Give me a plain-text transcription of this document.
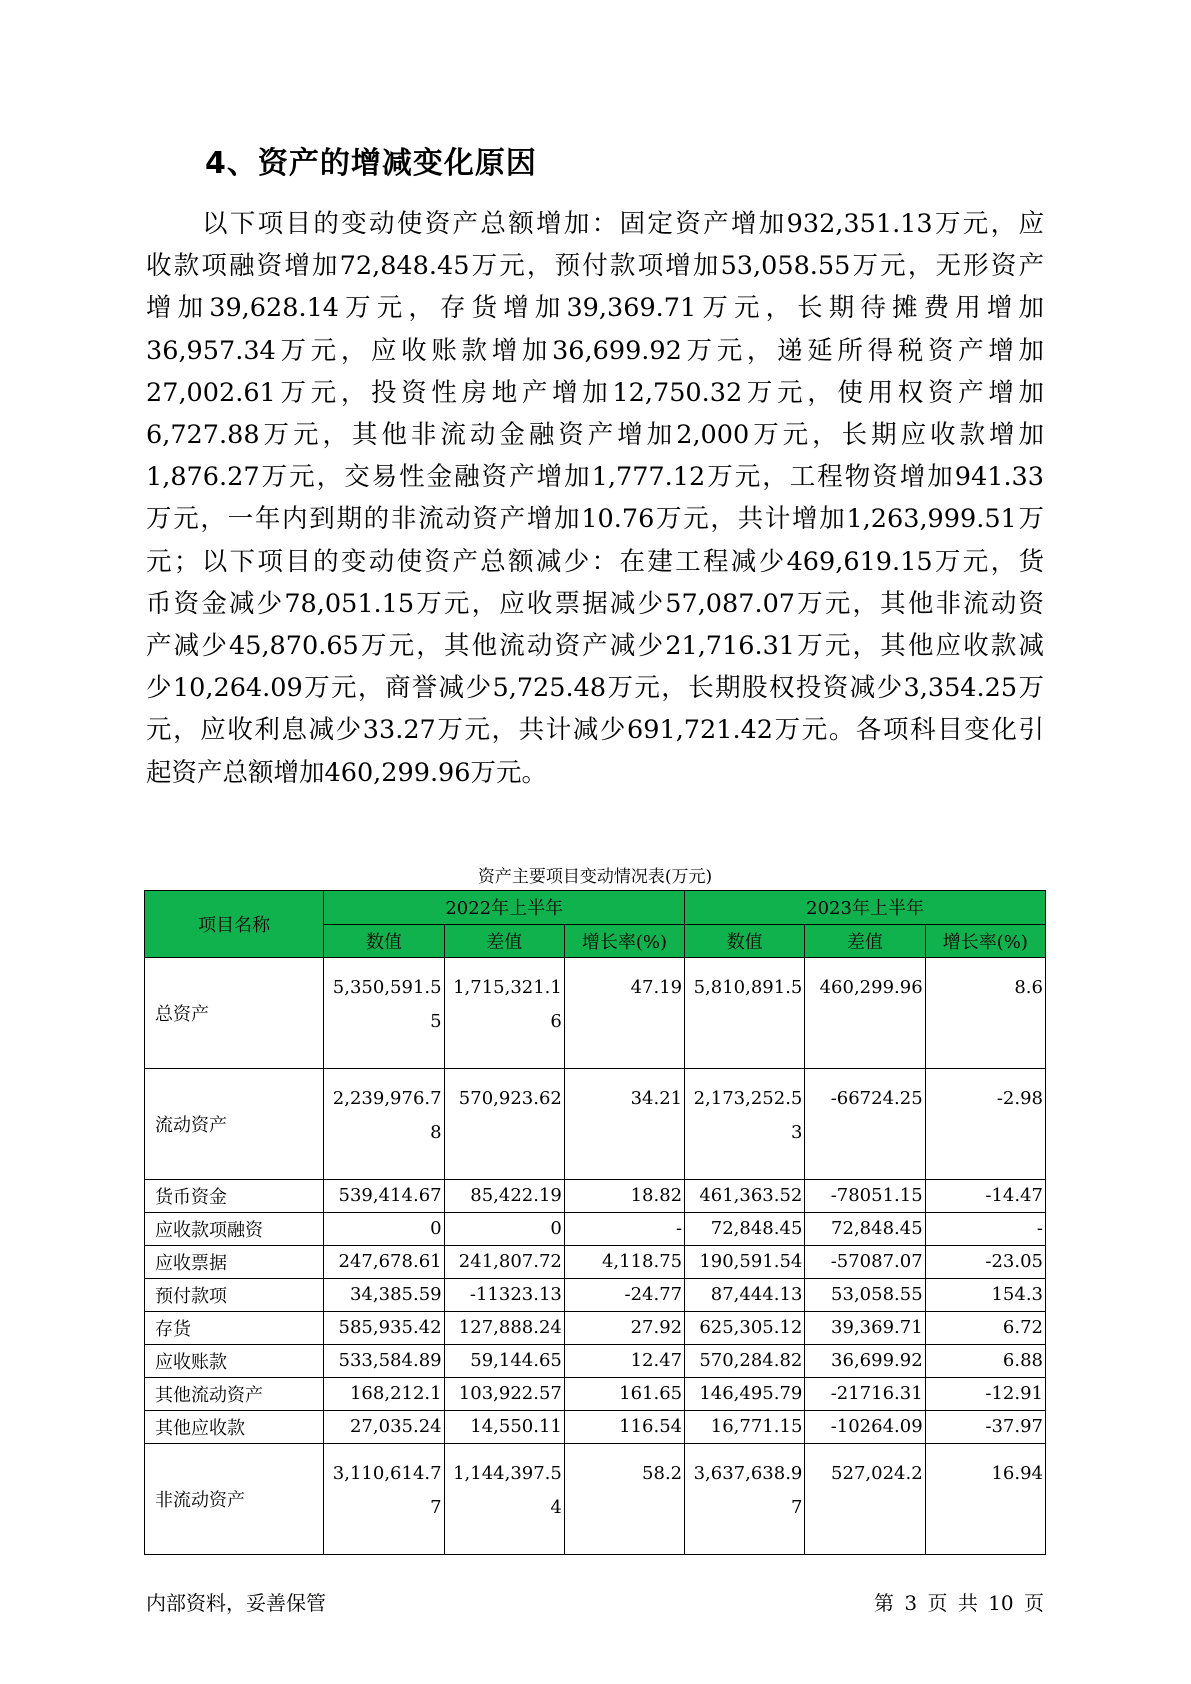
4、资产的增减变化原因
以下项目的变动使资产总额增加：固定资产增加932,351.13万元，应
收款项融资增加72,848.45万元，预付款项增加53,058.55万元，无形资产
增加39,628.14万元，存货增加39,369.71万元，长期待摊费用增加
36,957.34万元，应收账款增加36,699.92万元，递延所得税资产增加
27,002.61万元，投资性房地产增加12,750.32万元，使用权资产增加
6,727.88万元，其他非流动金融资产增加2,000万元，长期应收款增加
1,876.27万元，交易性金融资产增加1,777.12万元，工程物资增加941.33
万元，一年内到期的非流动资产增加10.76万元，共计增加1,263,999.51万
元；以下项目的变动使资产总额减少：在建工程减少469,619.15万元，货
币资金减少78,051.15万元，应收票据减少57,087.07万元，其他非流动资
产减少45,870.65万元，其他流动资产减少21,716.31万元，其他应收款减
少10,264.09万元，商誉减少5,725.48万元，长期股权投资减少3,354.25万
元，应收利息减少33.27万元，共计减少691,721.42万元。各项科目变化引
起资产总额增加460,299.96万元。
资产主要项目变动情况表(万元)
项目名称	2022年上半年			2023年上半年		
	数值	差值	增长率(%)	数值	差值	增长率(%)
总资产	5,350,591.55	1,715,321.16	47.19	5,810,891.5	460,299.96	8.6
流动资产	2,239,976.78	570,923.62	34.21	2,173,252.53	-66724.25	-2.98
货币资金	539,414.67	85,422.19	18.82	461,363.52	-78051.15	-14.47
应收款项融资	0	0	-	72,848.45	72,848.45	-
应收票据	247,678.61	241,807.72	4,118.75	190,591.54	-57087.07	-23.05
预付款项	34,385.59	-11323.13	-24.77	87,444.13	53,058.55	154.3
存货	585,935.42	127,888.24	27.92	625,305.12	39,369.71	6.72
应收账款	533,584.89	59,144.65	12.47	570,284.82	36,699.92	6.88
其他流动资产	168,212.1	103,922.57	161.65	146,495.79	-21716.31	-12.91
其他应收款	27,035.24	14,550.11	116.54	16,771.15	-10264.09	-37.97
非流动资产	3,110,614.77	1,144,397.54	58.2	3,637,638.97	527,024.2	16.94
内部资料，妥善保管	第 3 页 共 10 页
